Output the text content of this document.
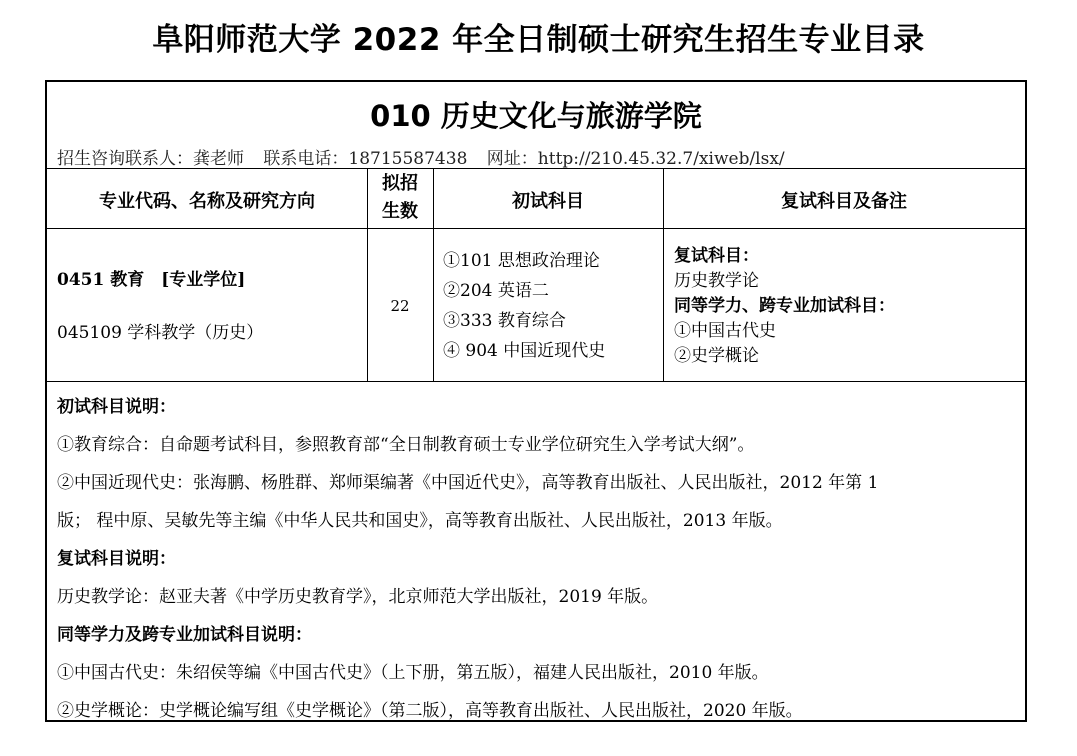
阜阳师范大学 2022 年全日制硕士研究生招生专业目录
010 历史文化与旅游学院
招生咨询联系人：龚老师 联系电话：18715587438 网址：http://210.45.32.7/xiweb/lsx/
专业代码、名称及研究方向
拟招
生数	初试科目	复试科目及备注
0451 教育　[专业学位]
045109 学科教学（历史）
22
①101 思想政治理论
②204 英语二
③333 教育综合
④ 904 中国近现代史
复试科目：
历史教学论
同等学力、跨专业加试科目：
①中国古代史
②史学概论
初试科目说明：
①教育综合：自命题考试科目，参照教育部“全日制教育硕士专业学位研究生入学考试大纲”。
②中国近现代史：张海鹏、杨胜群、郑师渠编著《中国近代史》，高等教育出版社、人民出版社，2012 年第 1
版； 程中原、吴敏先等主编《中华人民共和国史》，高等教育出版社、人民出版社，2013 年版。
复试科目说明：
历史教学论：赵亚夫著《中学历史教育学》，北京师范大学出版社，2019 年版。
同等学力及跨专业加试科目说明：
①中国古代史：朱绍侯等编《中国古代史》（上下册，第五版），福建人民出版社，2010 年版。
②史学概论：史学概论编写组《史学概论》（第二版），高等教育出版社、人民出版社，2020 年版。
